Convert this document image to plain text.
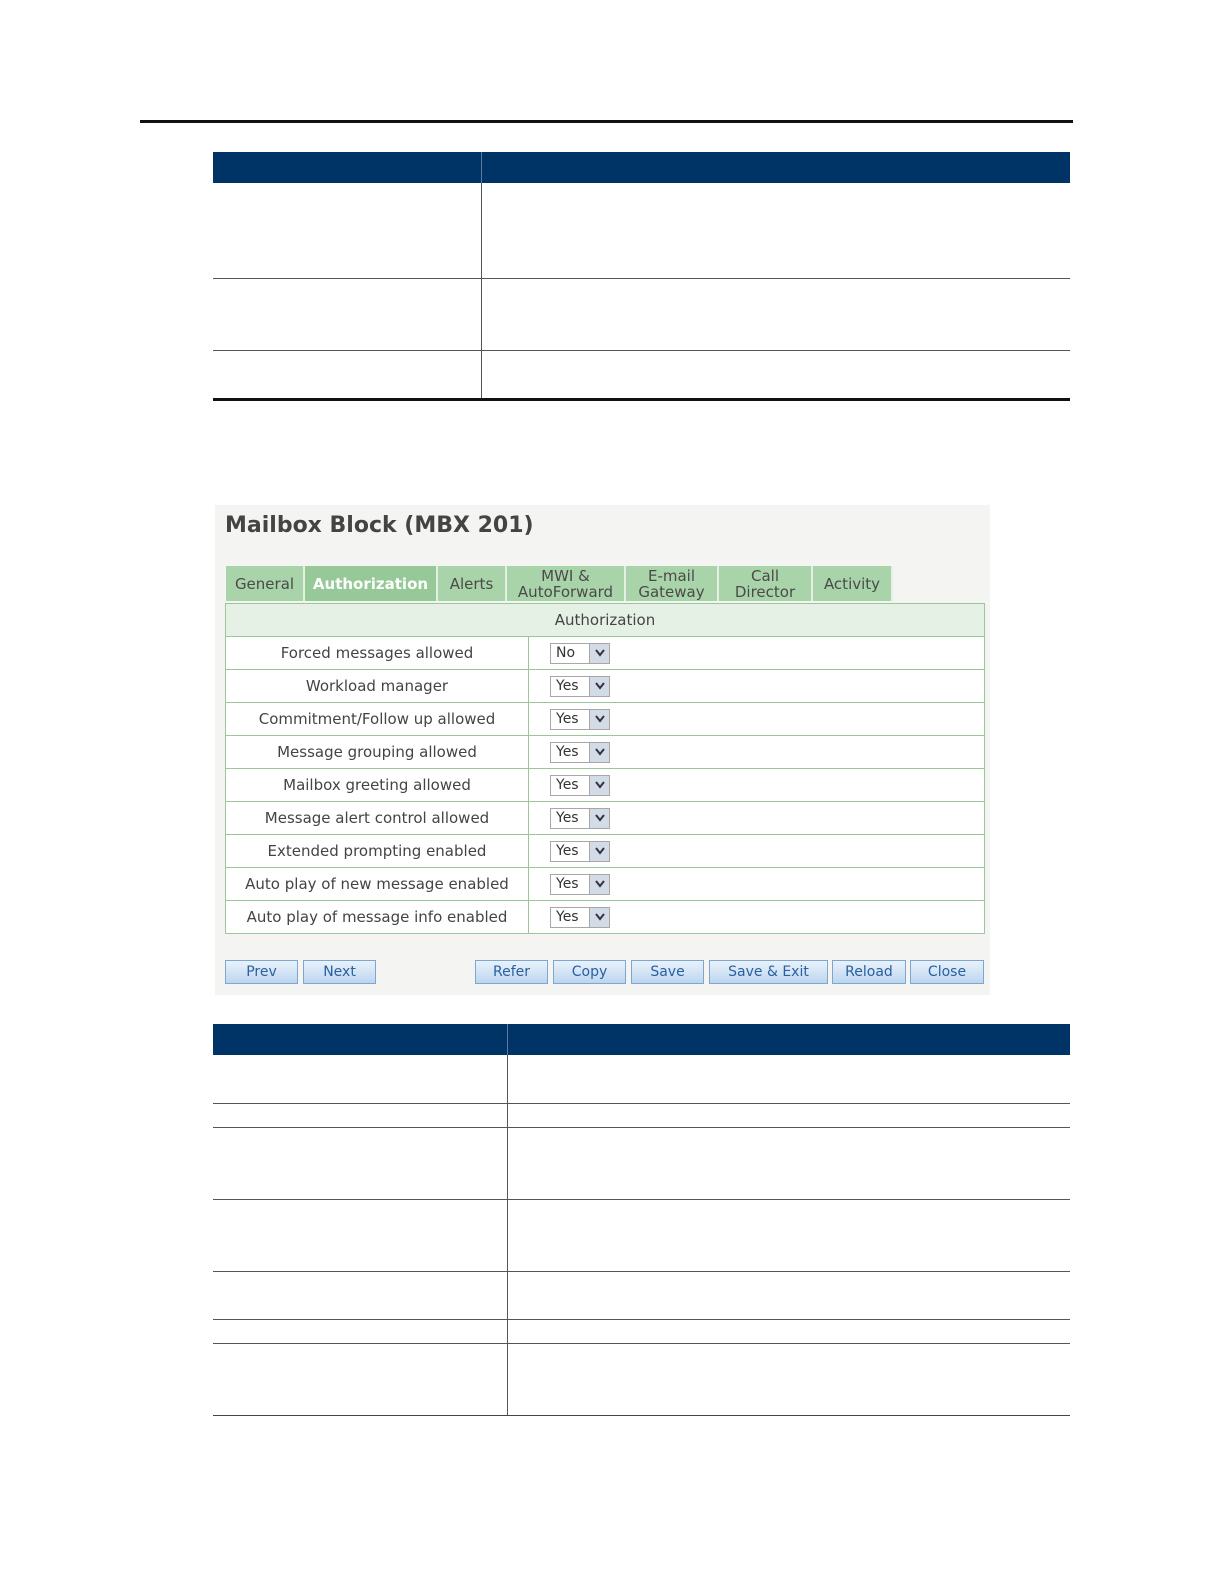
Mailbox Block (MBX 201)
General Authorization Alerts	MWI &
AutoForward
E-mail
Gateway
Call
Director Activity
Authorization
Forced messages allowed	No
Workload manager	Yes
Commitment/Follow up allowed	Yes
Message grouping allowed	Yes
Mailbox greeting allowed	Yes
Message alert control allowed	Yes
Extended prompting enabled	Yes
Auto play of new message enabled	Yes
Auto play of message info enabled	Yes
Prev	Next	Refer	Copy	Save	Save & Exit	Reload	Close
